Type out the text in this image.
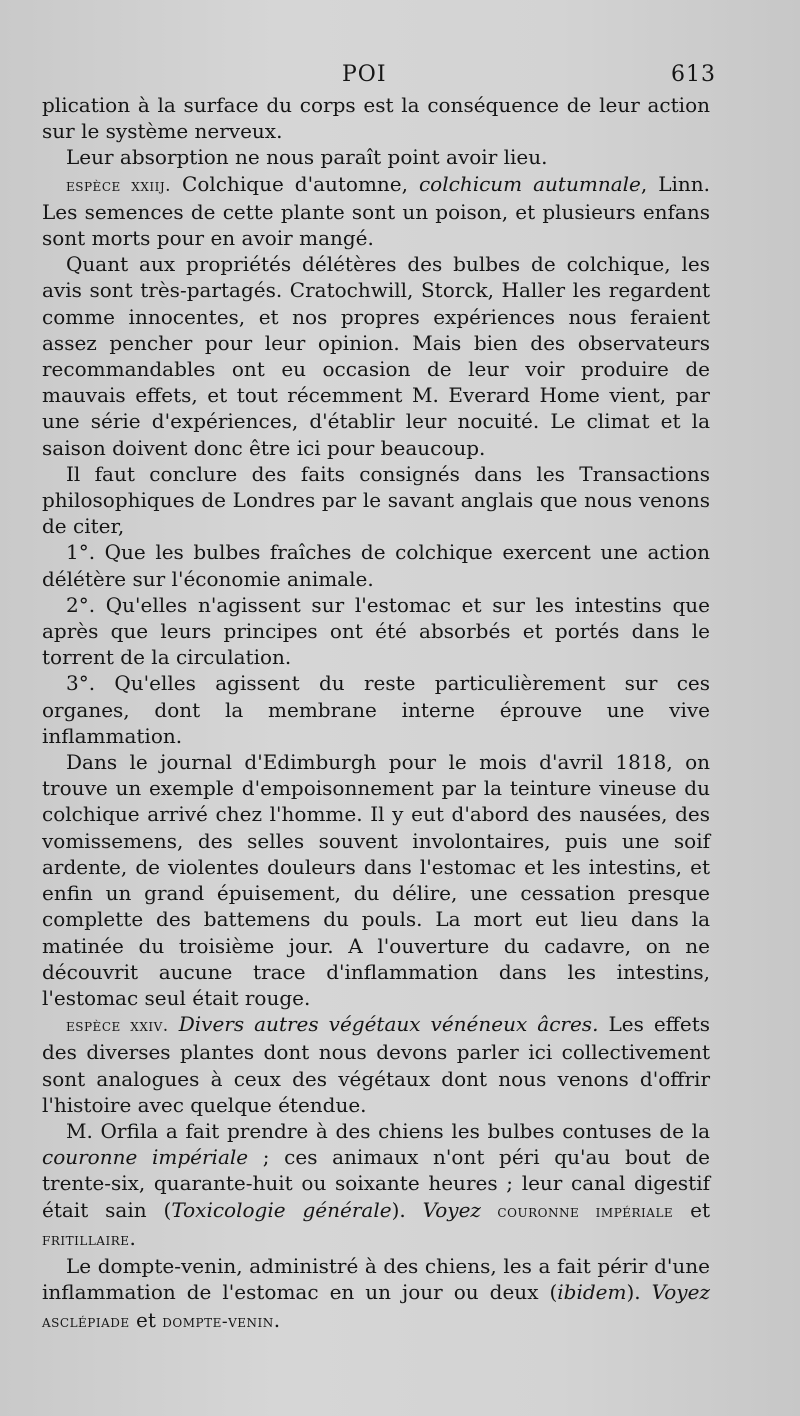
POI	613

plication à la surface du corps est la conséquence de leur action sur le système nerveux.

Leur absorption ne nous paraît point avoir lieu.

espèce xxiij. Colchique d'automne, colchicum autumnale, Linn. Les semences de cette plante sont un poison, et plusieurs enfans sont morts pour en avoir mangé.

Quant aux propriétés délétères des bulbes de colchique, les avis sont très-partagés. Cratochwill, Storck, Haller les regardent comme innocentes, et nos propres expériences nous feraient assez pencher pour leur opinion. Mais bien des observateurs recommandables ont eu occasion de leur voir produire de mauvais effets, et tout récemment M. Everard Home vient, par une série d'expériences, d'établir leur nocuité. Le climat et la saison doivent donc être ici pour beaucoup.

Il faut conclure des faits consignés dans les Transactions philosophiques de Londres par le savant anglais que nous venons de citer,

1°. Que les bulbes fraîches de colchique exercent une action délétère sur l'économie animale.

2°. Qu'elles n'agissent sur l'estomac et sur les intestins que après que leurs principes ont été absorbés et portés dans le torrent de la circulation.

3°. Qu'elles agissent du reste particulièrement sur ces organes, dont la membrane interne éprouve une vive inflammation.

Dans le journal d'Edimburgh pour le mois d'avril 1818, on trouve un exemple d'empoisonnement par la teinture vineuse du colchique arrivé chez l'homme. Il y eut d'abord des nausées, des vomissemens, des selles souvent involontaires, puis une soif ardente, de violentes douleurs dans l'estomac et les intestins, et enfin un grand épuisement, du délire, une cessation presque complette des battemens du pouls. La mort eut lieu dans la matinée du troisième jour. A l'ouverture du cadavre, on ne découvrit aucune trace d'inflammation dans les intestins, l'estomac seul était rouge.

espèce xxiv. Divers autres végétaux vénéneux âcres. Les effets des diverses plantes dont nous devons parler ici collectivement sont analogues à ceux des végétaux dont nous venons d'offrir l'histoire avec quelque étendue.

M. Orfila a fait prendre à des chiens les bulbes contuses de la couronne impériale ; ces animaux n'ont péri qu'au bout de trente-six, quarante-huit ou soixante heures ; leur canal digestif était sain (Toxicologie générale). Voyez couronne impériale et fritillaire.

Le dompte-venin, administré à des chiens, les a fait périr d'une inflammation de l'estomac en un jour ou deux (ibidem). Voyez asclépiade et dompte-venin.
